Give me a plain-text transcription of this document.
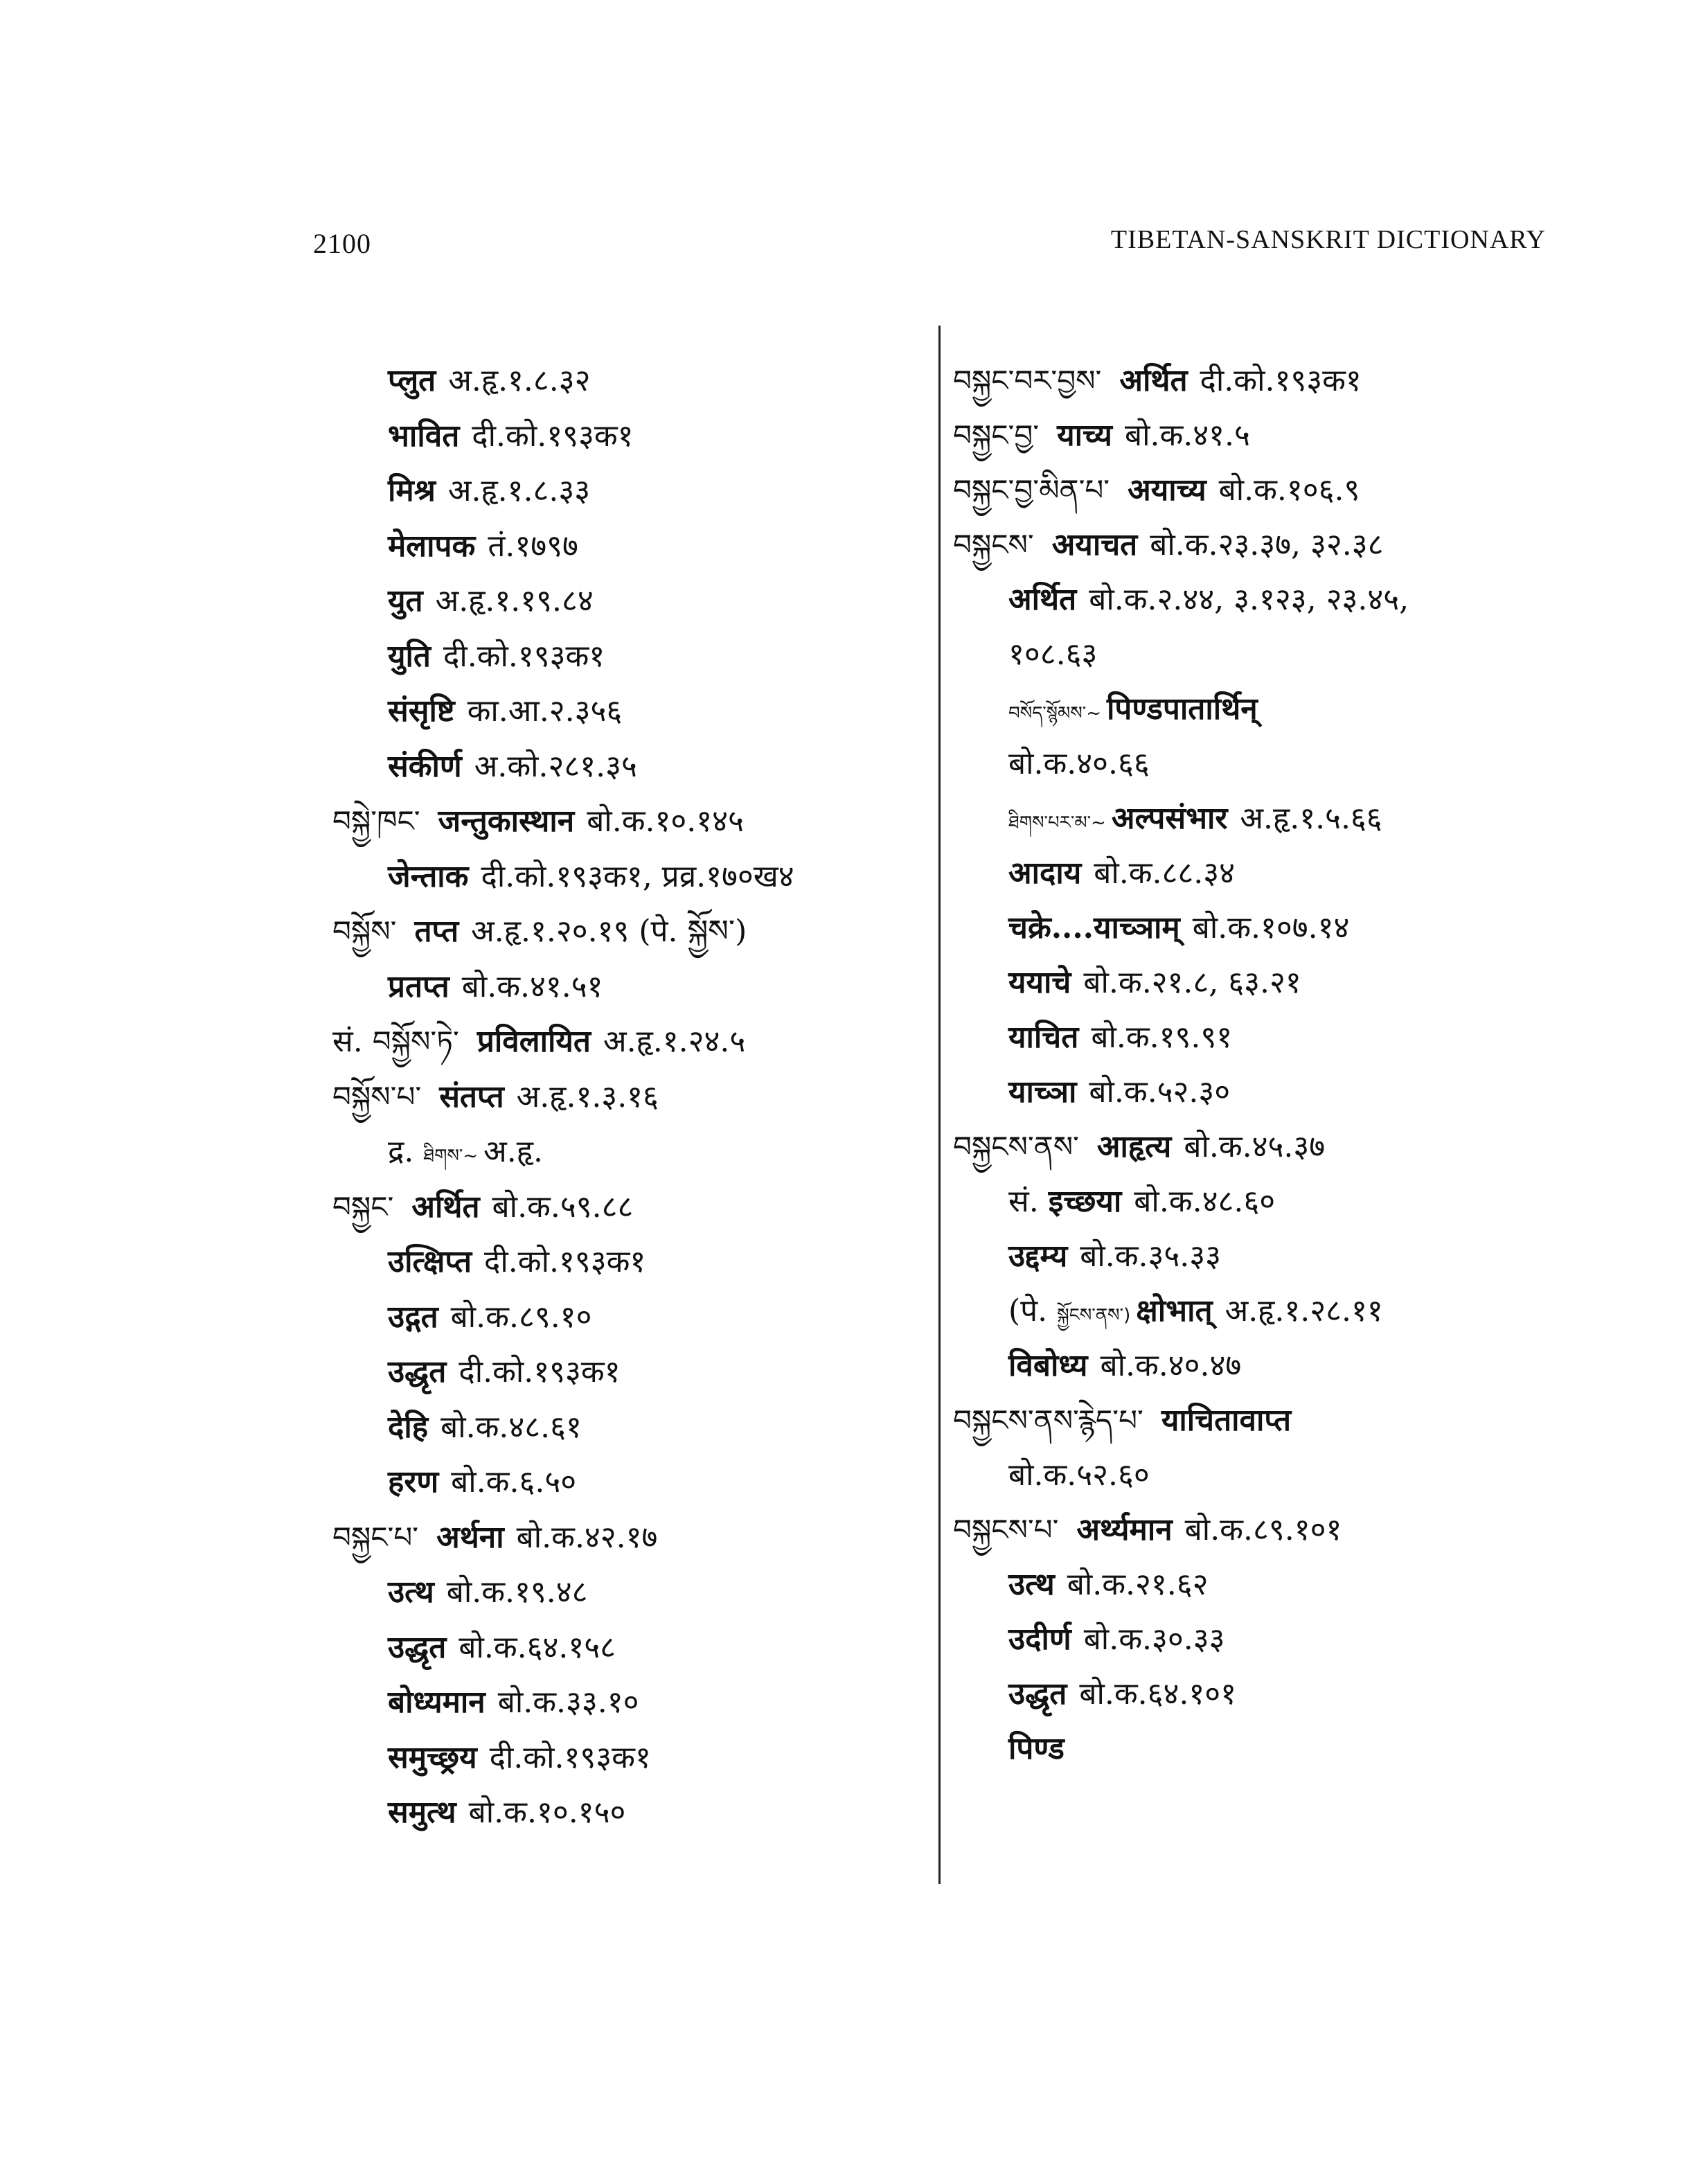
2100	TIBETAN-SANSKRIT DICTIONARY
प्लुत अ.हृ.१.८.३२
भावित दी.को.१९३क१
मिश्र अ.हृ.१.८.३३
मेलापक तं.१७९७
युत अ.हृ.१.१९.८४
युति दी.को.१९३क१
संसृष्टि का.आ.२.३५६
संकीर्ण अ.को.२८१.३५
བསྐྱེ་ཁང་ जन्तुकास्थान बो.क.१०.१४५
जेन्ताक दी.को.१९३क१, प्रव्र.१७०ख४
བསྐྱོས་ तप्त अ.हृ.१.२०.१९ (पे. སྐྱོས་)
प्रतप्त बो.क.४१.५१
सं. བསྐྱོས་ཏེ་ प्रविलायित अ.हृ.१.२४.५
བསྐྱོས་པ་ संतप्त अ.हृ.१.३.१६
द्र. ཐིགས་~ अ.हृ.
བསྐྱང་ अर्थित बो.क.५९.८८
उत्क्षिप्त दी.को.१९३क१
उद्गत बो.क.८९.१०
उद्धृत दी.को.१९३क१
देहि बो.क.४८.६१
हरण बो.क.६.५०
བསྐྱང་པ་ अर्थना बो.क.४२.१७
उत्थ बो.क.१९.४८
उद्धृत बो.क.६४.१५८
बोध्यमान बो.क.३३.१०
समुच्छ्रय दी.को.१९३क१
समुत्थ बो.क.१०.१५०
བསྐྱང་བར་བྱས་ अर्थित दी.को.१९३क१
བསྐྱང་བྱ་ याच्य बो.क.४१.५
བསྐྱང་བྱ་མིན་པ་ अयाच्य बो.क.१०६.९
བསྐྱངས་ अयाचत बो.क.२३.३७, ३२.३८
अर्थित बो.क.२.४४, ३.१२३, २३.४५,
१०८.६३
བསོད་སྙོམས་~ पिण्डपातार्थिन्
बो.क.४०.६६
ཐིགས་པར་མ་~ अल्पसंभार अ.हृ.१.५.६६
आदाय बो.क.८८.३४
चक्रे....याच्ञाम् बो.क.१०७.१४
ययाचे बो.क.२१.८, ६३.२१
याचित बो.क.१९.९१
याच्ञा बो.क.५२.३०
བསྐྱངས་ནས་ आहृत्य बो.क.४५.३७
सं. इच्छया बो.क.४८.६०
उद्दम्य बो.क.३५.३३
(पे. སྐྱོངས་ནས་) क्षोभात् अ.हृ.१.२८.११
विबोध्य बो.क.४०.४७
བསྐྱངས་ནས་རྙེད་པ་ याचितावाप्त
बो.क.५२.६०
བསྐྱངས་པ་ अर्थ्यमान बो.क.८९.१०१
उत्थ बो.क.२१.६२
उदीर्ण बो.क.३०.३३
उद्धृत बो.क.६४.१०१
पिण्ड
